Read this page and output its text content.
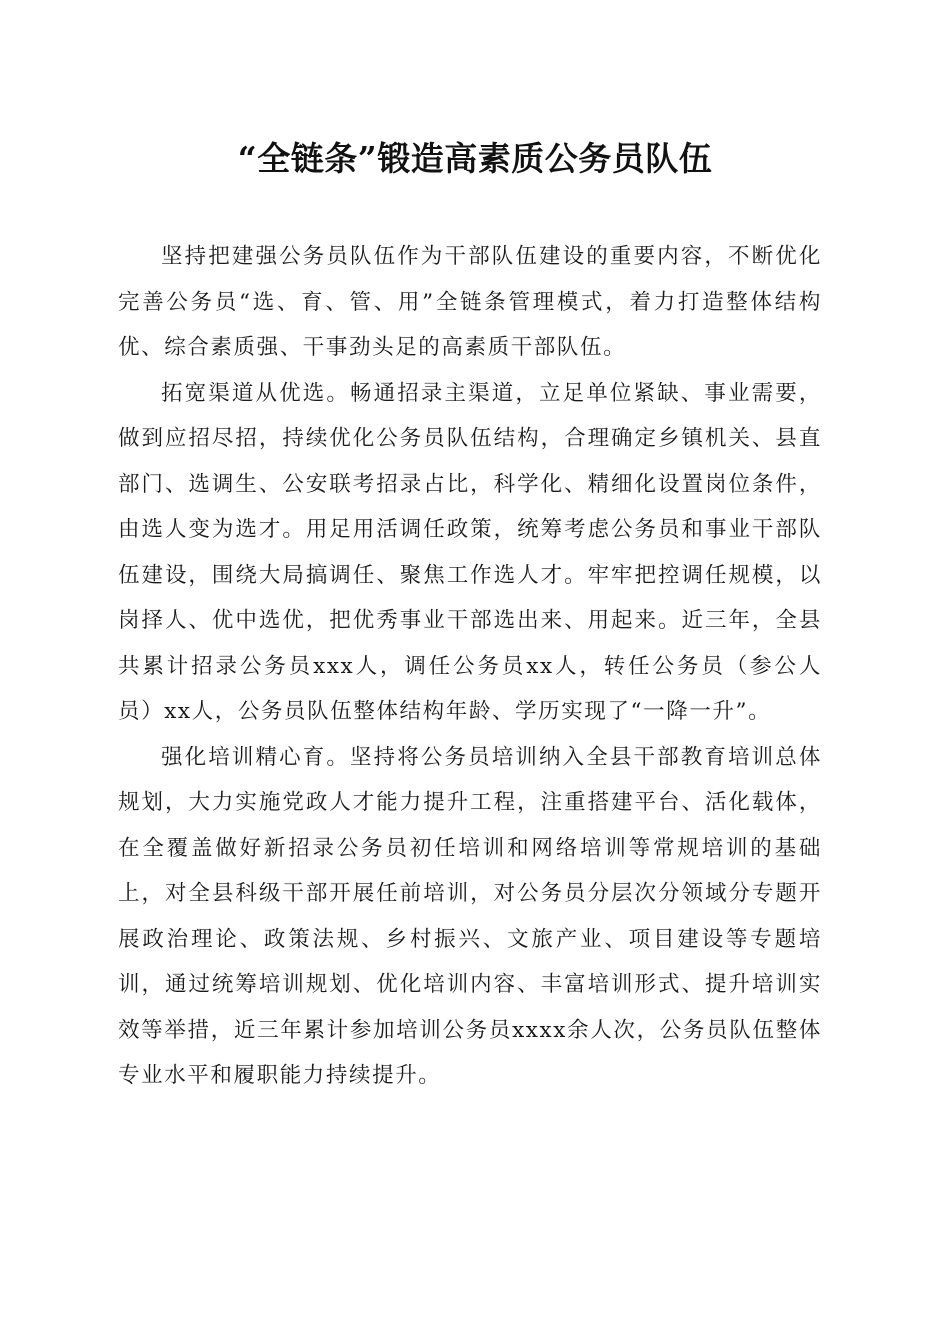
“全链条”锻造高素质公务员队伍

坚持把建强公务员队伍作为干部队伍建设的重要内容，不断优化完善公务员“选、育、管、用”全链条管理模式，着力打造整体结构优、综合素质强、干事劲头足的高素质干部队伍。

拓宽渠道从优选。畅通招录主渠道，立足单位紧缺、事业需要，做到应招尽招，持续优化公务员队伍结构，合理确定乡镇机关、县直部门、选调生、公安联考招录占比，科学化、精细化设置岗位条件，由选人变为选才。用足用活调任政策，统筹考虑公务员和事业干部队伍建设，围绕大局搞调任、聚焦工作选人才。牢牢把控调任规模，以岗择人、优中选优，把优秀事业干部选出来、用起来。近三年，全县共累计招录公务员xxx人，调任公务员xx人，转任公务员（参公人员）xx人，公务员队伍整体结构年龄、学历实现了“一降一升”。

强化培训精心育。坚持将公务员培训纳入全县干部教育培训总体规划，大力实施党政人才能力提升工程，注重搭建平台、活化载体，在全覆盖做好新招录公务员初任培训和网络培训等常规培训的基础上，对全县科级干部开展任前培训，对公务员分层次分领域分专题开展政治理论、政策法规、乡村振兴、文旅产业、项目建设等专题培训，通过统筹培训规划、优化培训内容、丰富培训形式、提升培训实效等举措，近三年累计参加培训公务员xxxx余人次，公务员队伍整体专业水平和履职能力持续提升。
